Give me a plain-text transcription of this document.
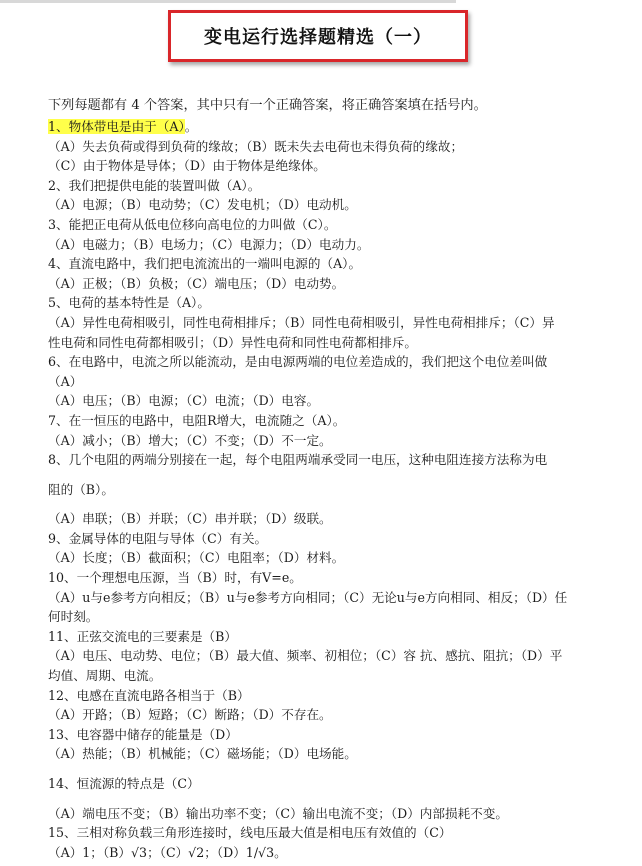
变电运行选择题精选（一）
下列每题都有 4 个答案，其中只有一个正确答案，将正确答案填在括号内。
1、物体带电是由于（A）。
（A）失去负荷或得到负荷的缘故；（B）既未失去电荷也未得负荷的缘故；
（C）由于物体是导体；（D）由于物体是绝缘体。
2、我们把提供电能的装置叫做（A）。
（A）电源；（B）电动势；（C）发电机；（D）电动机。
3、能把正电荷从低电位移向高电位的力叫做（C）。
（A）电磁力；（B）电场力；（C）电源力；（D）电动力。
4、直流电路中，我们把电流流出的一端叫电源的（A）。
（A）正极；（B）负极；（C）端电压；（D）电动势。
5、电荷的基本特性是（A）。
（A）异性电荷相吸引，同性电荷相排斥；（B）同性电荷相吸引，异性电荷相排斥；（C）异
性电荷和同性电荷都相吸引；（D）异性电荷和同性电荷都相排斥。
6、在电路中，电流之所以能流动，是由电源两端的电位差造成的，我们把这个电位差叫做
（A）
（A）电压；（B）电源；（C）电流；（D）电容。
7、在一恒压的电路中，电阻R增大，电流随之（A）。
（A）减小；（B）增大；（C）不变；（D）不一定。
8、几个电阻的两端分别接在一起，每个电阻两端承受同一电压，这种电阻连接方法称为电
阻的（B）。
（A）串联；（B）并联；（C）串并联；（D）级联。
9、金属导体的电阻与导体（C）有关。
（A）长度；（B）截面积；（C）电阻率；（D）材料。
10、一个理想电压源，当（B）时，有V=e。
（A）u与e参考方向相反；（B）u与e参考方向相同；（C）无论u与e方向相同、相反；（D）任
何时刻。
11、正弦交流电的三要素是（B）
（A）电压、电动势、电位；（B）最大值、频率、初相位；（C）容 抗、感抗、阻抗；（D）平
均值、周期、电流。
12、电感在直流电路各相当于（B）
（A）开路；（B）短路；（C）断路；（D）不存在。
13、电容器中储存的能量是（D）
（A）热能；（B）机械能；（C）磁场能；（D）电场能。
14、恒流源的特点是（C）
（A）端电压不变；（B）输出功率不变；（C）输出电流不变；（D）内部损耗不变。
15、三相对称负载三角形连接时，线电压最大值是相电压有效值的（C）
（A）1；（B）√3；（C）√2；（D）1/√3。
